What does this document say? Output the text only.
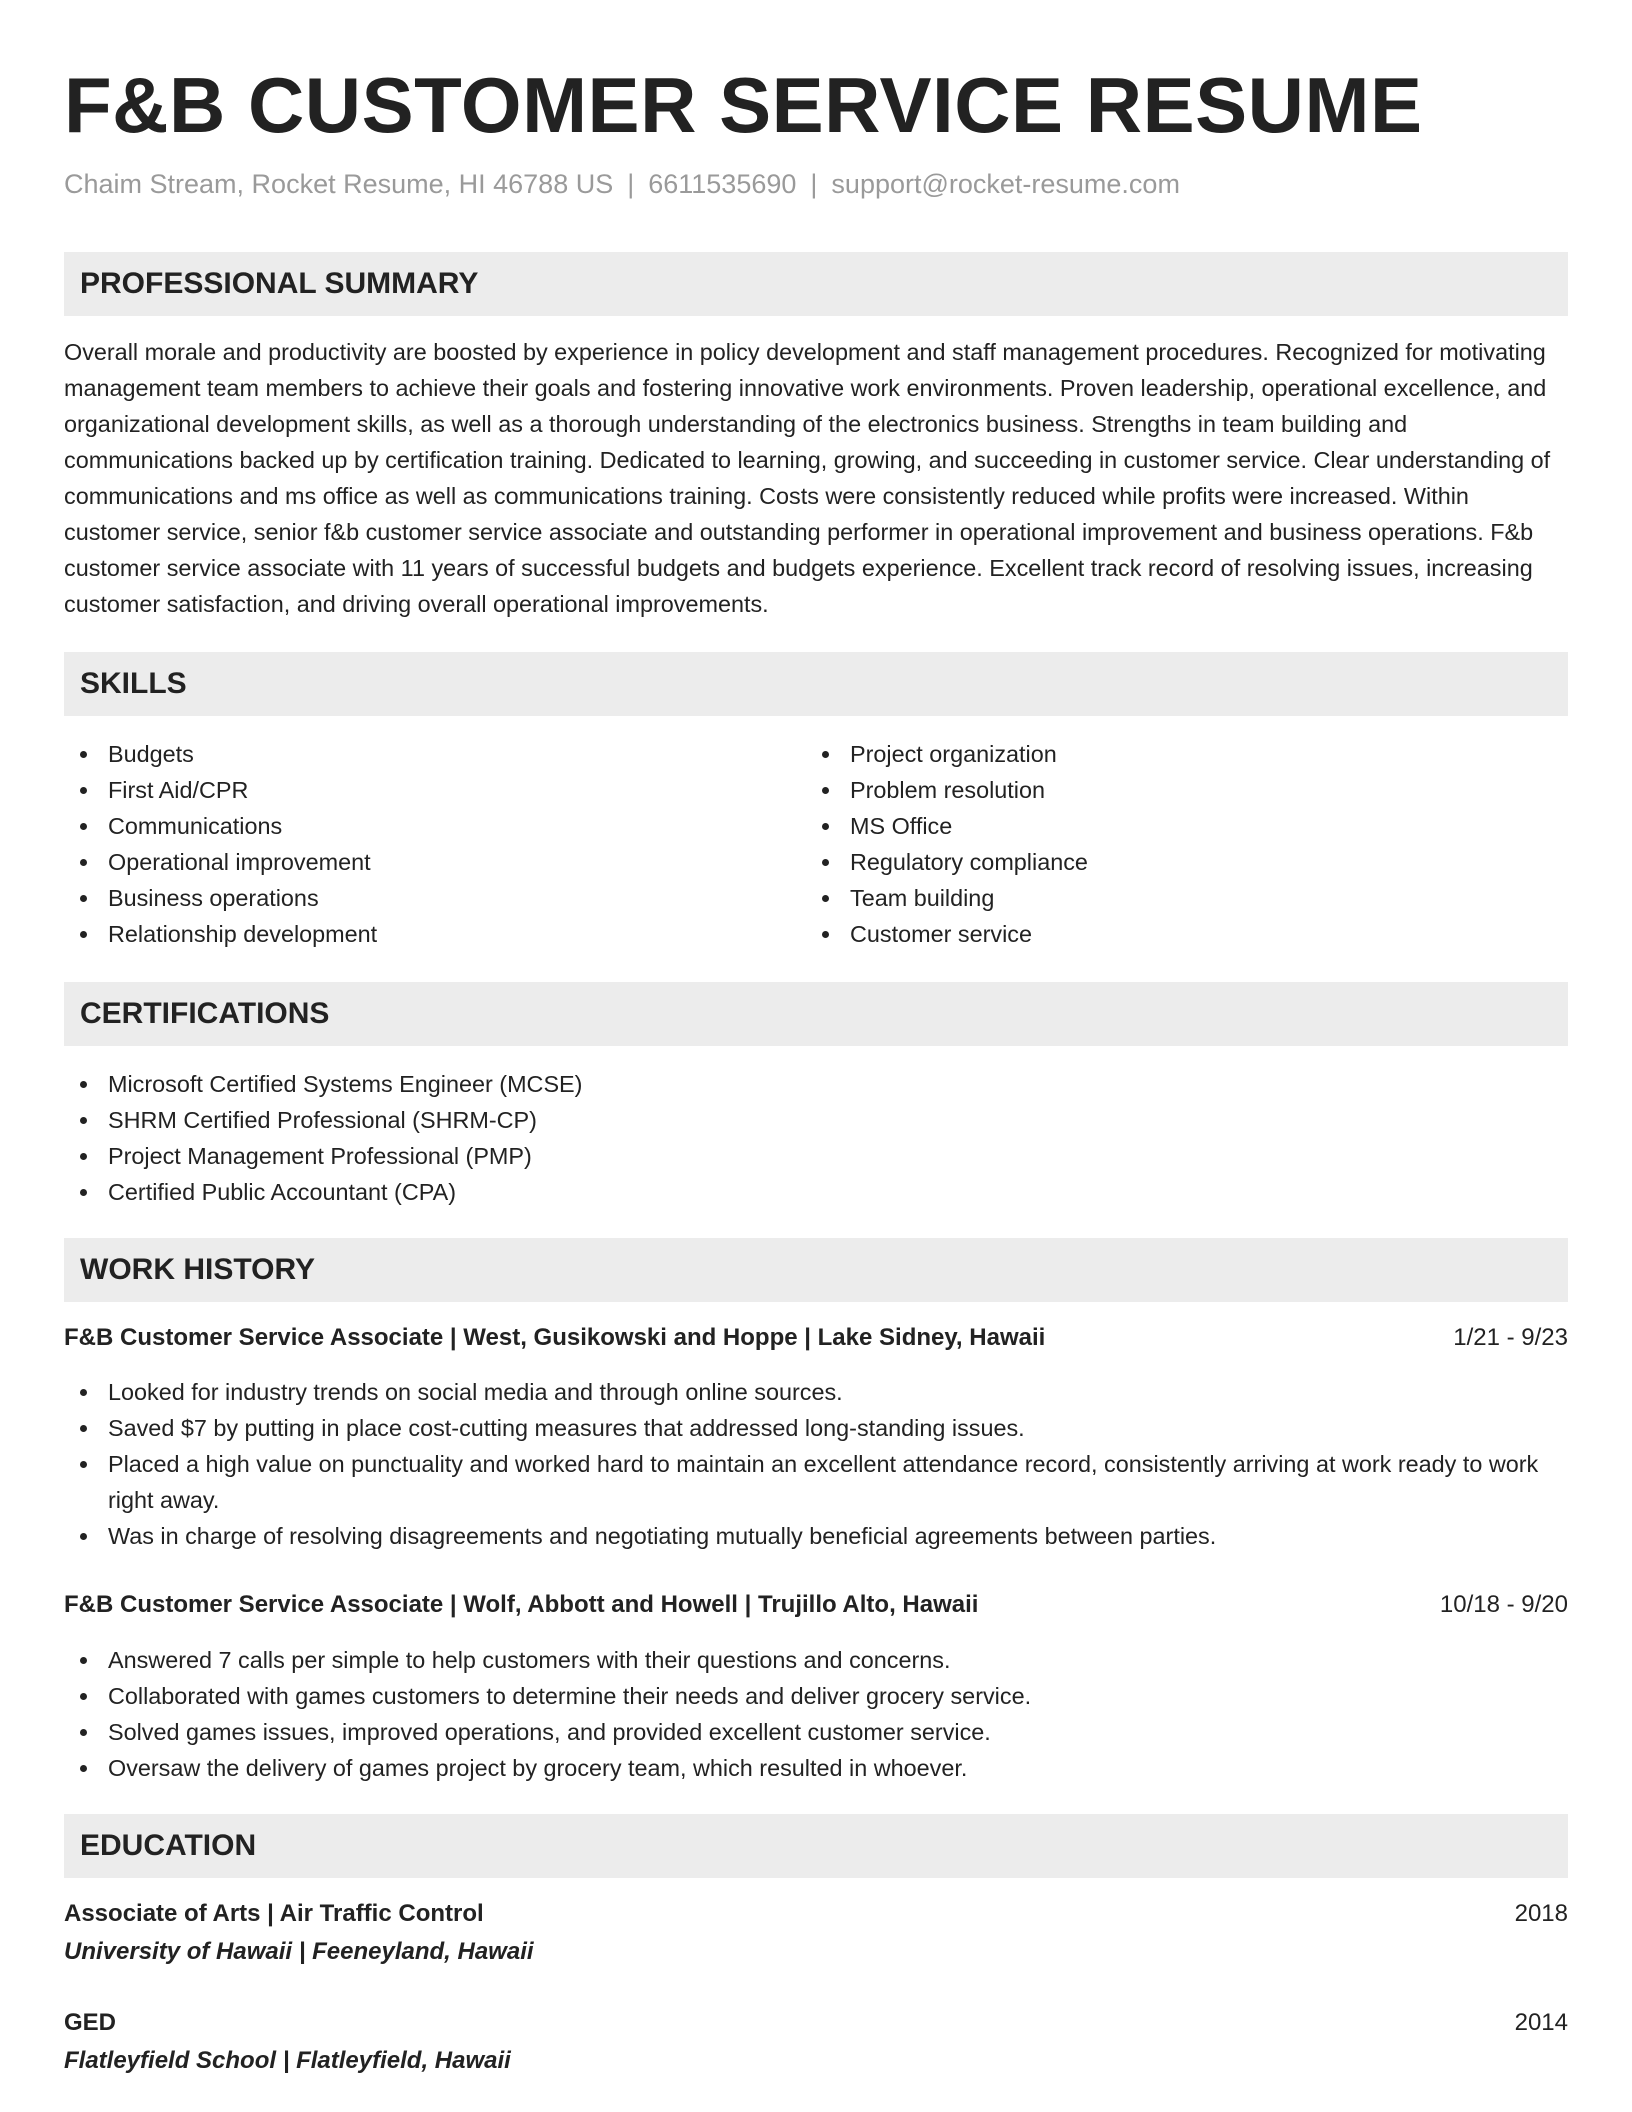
F&B CUSTOMER SERVICE RESUME
Chaim Stream, Rocket Resume, HI 46788 US | 6611535690 | support@rocket-resume.com
PROFESSIONAL SUMMARY

Overall morale and productivity are boosted by experience in policy development and staff management procedures. Recognized for motivating management team members to achieve their goals and fostering innovative work environments. Proven leadership, operational excellence, and organizational development skills, as well as a thorough understanding of the electronics business. Strengths in team building and communications backed up by certification training. Dedicated to learning, growing, and succeeding in customer service. Clear understanding of communications and ms office as well as communications training. Costs were consistently reduced while profits were increased. Within customer service, senior f&b customer service associate and outstanding performer in operational improvement and business operations. F&b customer service associate with 11 years of successful budgets and budgets experience. Excellent track record of resolving issues, increasing customer satisfaction, and driving overall operational improvements.

SKILLS
Budgets
First Aid/CPR
Communications
Operational improvement
Business operations
Relationship development
Project organization
Problem resolution
MS Office
Regulatory compliance
Team building
Customer service
CERTIFICATIONS
Microsoft Certified Systems Engineer (MCSE)
SHRM Certified Professional (SHRM-CP)
Project Management Professional (PMP)
Certified Public Accountant (CPA)
WORK HISTORY
F&B Customer Service Associate | West, Gusikowski and Hoppe | Lake Sidney, Hawaii	1/21 - 9/23
Looked for industry trends on social media and through online sources.
Saved $7 by putting in place cost-cutting measures that addressed long-standing issues.
Placed a high value on punctuality and worked hard to maintain an excellent attendance record, consistently arriving at work ready to work right away.
Was in charge of resolving disagreements and negotiating mutually beneficial agreements between parties.
F&B Customer Service Associate | Wolf, Abbott and Howell | Trujillo Alto, Hawaii	10/18 - 9/20
Answered 7 calls per simple to help customers with their questions and concerns.
Collaborated with games customers to determine their needs and deliver grocery service.
Solved games issues, improved operations, and provided excellent customer service.
Oversaw the delivery of games project by grocery team, which resulted in whoever.
EDUCATION
Associate of Arts | Air Traffic Control	2018
University of Hawaii | Feeneyland, Hawaii
GED	2014
Flatleyfield School | Flatleyfield, Hawaii
